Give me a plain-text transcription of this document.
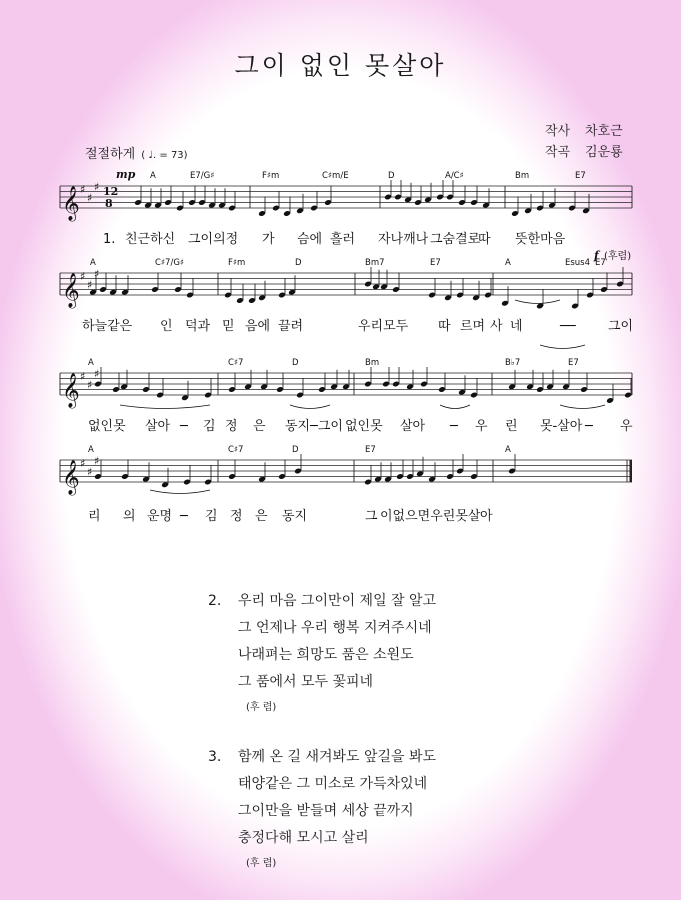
그이 없인 못살아
절절하게 ( ♩. = 73)
작사 차호근
작곡 김운룡
𝄞 ♯
♯
♯
A	E7/G♯	F♯m	C♯m/E	D	A/C♯	Bm	E7
1. 친근하신 그이의정 가 슴에 흘러 자나깨나 그숨결로
따 뜻한마음
𝄞 ♯
♯
♯
A	C♯7/G♯	F♯m	D	Bm7	E7	A	Esus4 E7
하늘같은 인 덕과 믿 음에 끌려	우리모두 따 르며 사 네	── 그이
𝄞 ♯
♯
♯
A	C♯7	D	Bm	B♭7	E7
없인못 살아 ─ 김 정 은 동지 ─그이 없인못 살아 ─ 우 린 못-살아 ─ 우
𝄞 ♯
♯
♯
A	C♯7	D	E7	A
리 의 운명 ─ 김 정 은 동지	그 이없으면우린못살 아
12
8
mp
f (후렴)
2. 우리 마음 그이만이 제일 잘 알고
그 언제나 우리 행복 지켜주시네
나래펴는 희망도 품은 소원도
그 품에서 모두 꽃피네
(후 렴)
3. 함께 온 길 새겨봐도 앞길을 봐도
태양같은 그 미소로 가득차있네
그이만을 받들며 세상 끝까지
충정다해 모시고 살리
(후 렴)
